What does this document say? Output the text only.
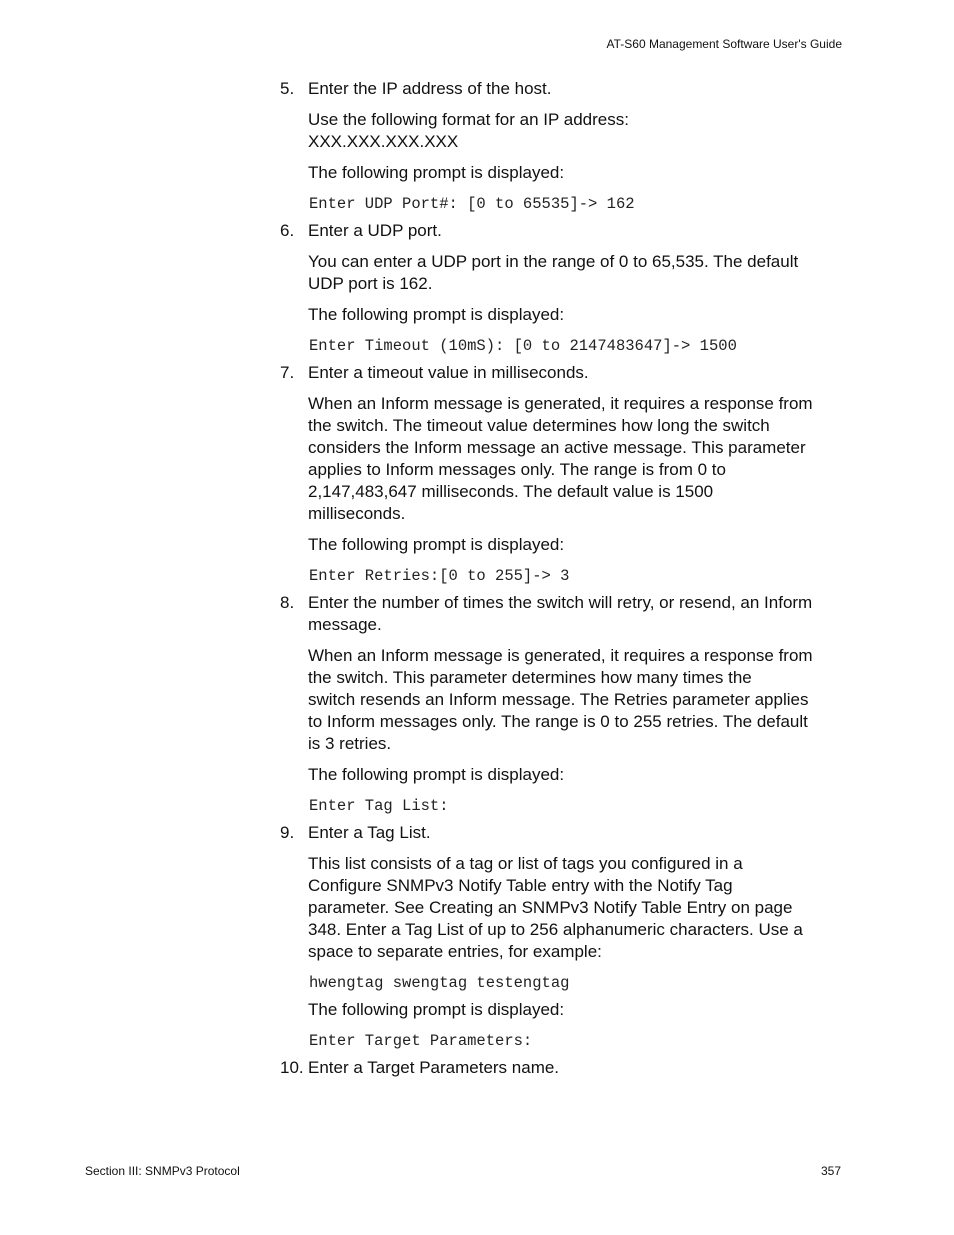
AT-S60 Management Software User's Guide

5. Enter the IP address of the host.

Use the following format for an IP address:
XXX.XXX.XXX.XXX

The following prompt is displayed:

Enter UDP Port#: [0 to 65535]-> 162

6. Enter a UDP port.

You can enter a UDP port in the range of 0 to 65,535. The default
UDP port is 162.

The following prompt is displayed:

Enter Timeout (10mS): [0 to 2147483647]-> 1500

7. Enter a timeout value in milliseconds.

When an Inform message is generated, it requires a response from
the switch. The timeout value determines how long the switch
considers the Inform message an active message. This parameter
applies to Inform messages only. The range is from 0 to
2,147,483,647 milliseconds. The default value is 1500
milliseconds.

The following prompt is displayed:

Enter Retries:[0 to 255]-> 3

8. Enter the number of times the switch will retry, or resend, an Inform
message.

When an Inform message is generated, it requires a response from
the switch. This parameter determines how many times the
switch resends an Inform message. The Retries parameter applies
to Inform messages only. The range is 0 to 255 retries. The default
is 3 retries.

The following prompt is displayed:

Enter Tag List:

9. Enter a Tag List.

This list consists of a tag or list of tags you configured in a
Configure SNMPv3 Notify Table entry with the Notify Tag
parameter. See Creating an SNMPv3 Notify Table Entry on page
348. Enter a Tag List of up to 256 alphanumeric characters. Use a
space to separate entries, for example:

hwengtag swengtag testengtag

The following prompt is displayed:

Enter Target Parameters:

10. Enter a Target Parameters name.

Section III: SNMPv3 Protocol	357
